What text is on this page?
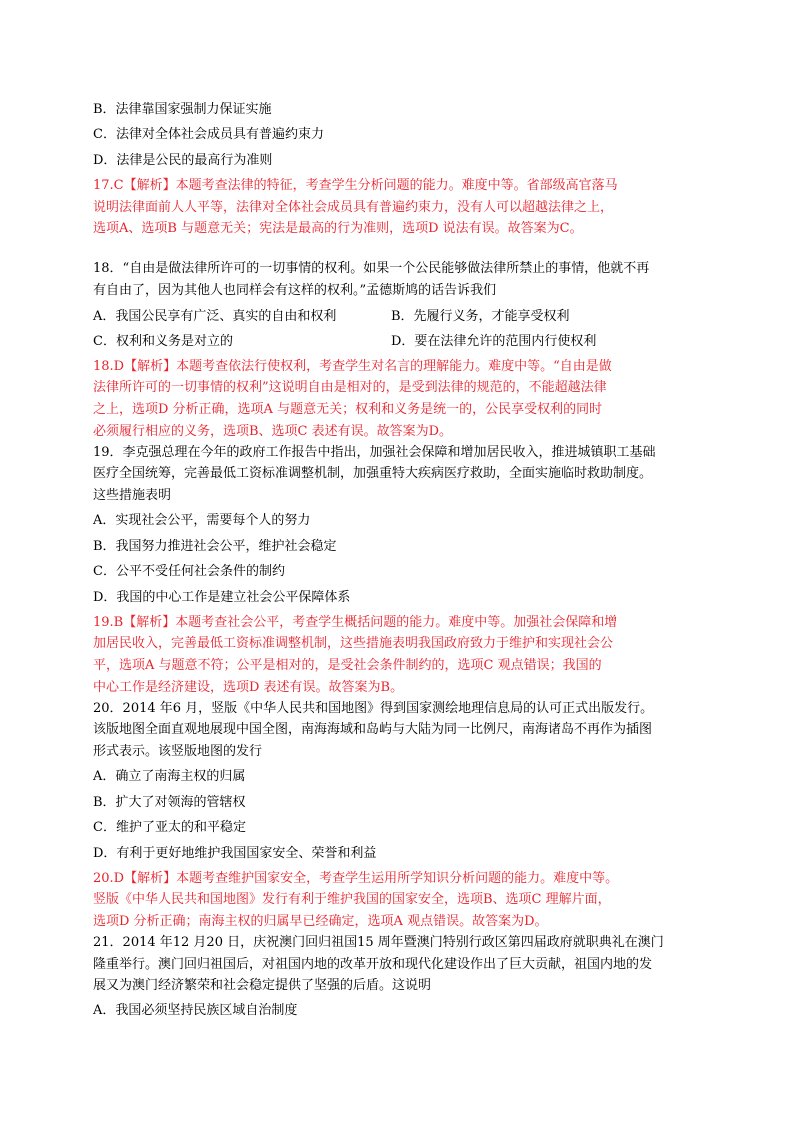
B．法律靠国家强制力保证实施
C．法律对全体社会成员具有普遍约束力
D．法律是公民的最高行为准则
17.C【解析】本题考查法律的特征，考查学生分析问题的能力。难度中等。省部级高官落马
说明法律面前人人平等，法律对全体社会成员具有普遍约束力，没有人可以超越法律之上，
选项A、选项B 与题意无关；宪法是最高的行为准则，选项D 说法有误。故答案为C。
18．“自由是做法律所许可的一切事情的权利。如果一个公民能够做法律所禁止的事情，他就不再
有自由了，因为其他人也同样会有这样的权利。”孟德斯鸠的话告诉我们
A．我国公民享有广泛、真实的自由和权利	B．先履行义务，才能享受权利
C．权利和义务是对立的	D．要在法律允许的范围内行使权利
18.D【解析】本题考查依法行使权利，考查学生对名言的理解能力。难度中等。“自由是做
法律所许可的一切事情的权利”这说明自由是相对的，是受到法律的规范的，不能超越法律
之上，选项D 分析正确，选项A 与题意无关；权利和义务是统一的，公民享受权利的同时
必须履行相应的义务，选项B、选项C 表述有误。故答案为D。
19．李克强总理在今年的政府工作报告中指出，加强社会保障和增加居民收入，推进城镇职工基础
医疗全国统筹，完善最低工资标准调整机制，加强重特大疾病医疗救助，全面实施临时救助制度。
这些措施表明
A．实现社会公平，需要每个人的努力
B．我国努力推进社会公平，维护社会稳定
C．公平不受任何社会条件的制约
D．我国的中心工作是建立社会公平保障体系
19.B【解析】本题考查社会公平，考查学生概括问题的能力。难度中等。加强社会保障和增
加居民收入，完善最低工资标准调整机制，这些措施表明我国政府致力于维护和实现社会公
平，选项A 与题意不符；公平是相对的，是受社会条件制约的，选项C 观点错误；我国的
中心工作是经济建设，选项D 表述有误。故答案为B。
20．2014 年6 月，竖版《中华人民共和国地图》得到国家测绘地理信息局的认可正式出版发行。
该版地图全面直观地展现中国全图，南海海域和岛屿与大陆为同一比例尺，南海诸岛不再作为插图
形式表示。该竖版地图的发行
A．确立了南海主权的归属
B．扩大了对领海的管辖权
C．维护了亚太的和平稳定
D．有利于更好地维护我国国家安全、荣誉和利益
20.D【解析】本题考查维护国家安全，考查学生运用所学知识分析问题的能力。难度中等。
竖版《中华人民共和国地图》发行有利于维护我国的国家安全，选项B、选项C 理解片面，
选项D 分析正确；南海主权的归属早已经确定，选项A 观点错误。故答案为D。
21．2014 年12 月20 日，庆祝澳门回归祖国15 周年暨澳门特别行政区第四届政府就职典礼在澳门
隆重举行。澳门回归祖国后，对祖国内地的改革开放和现代化建设作出了巨大贡献，祖国内地的发
展又为澳门经济繁荣和社会稳定提供了坚强的后盾。这说明
A．我国必须坚持民族区域自治制度
